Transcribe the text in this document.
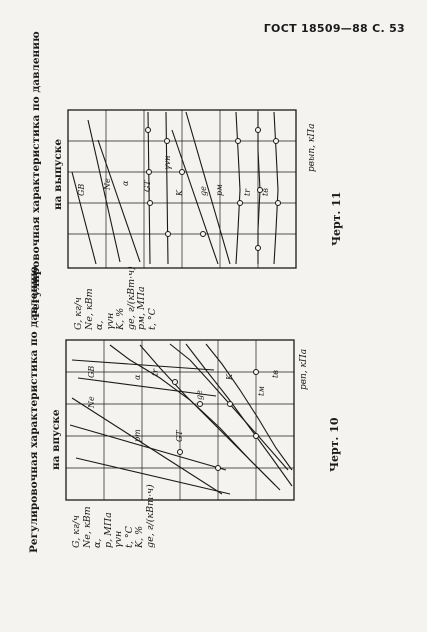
ГОСТ 18509—88 С. 53
Регулировочная характеристика по давлению на впуске
G, кг/ч
Ne, кВт
α,
p, МПа
γvн
t, °С
K, %
ge, г/(кВт·ч)
Черт. 10
GB
Ne
α
pm	GT
tr
ge
K
tм
tв pвп, кПа
GB Ne α GT
γvн
K ge pм tr tв
pвып, кПа
Регулировочная характеристика по давлению на выпуске
G, кг/ч
Ne, кВт
α,
γvн
K, %
ge, г/(кВт·ч)
pм, МПа
t, °С
Черт. 11
